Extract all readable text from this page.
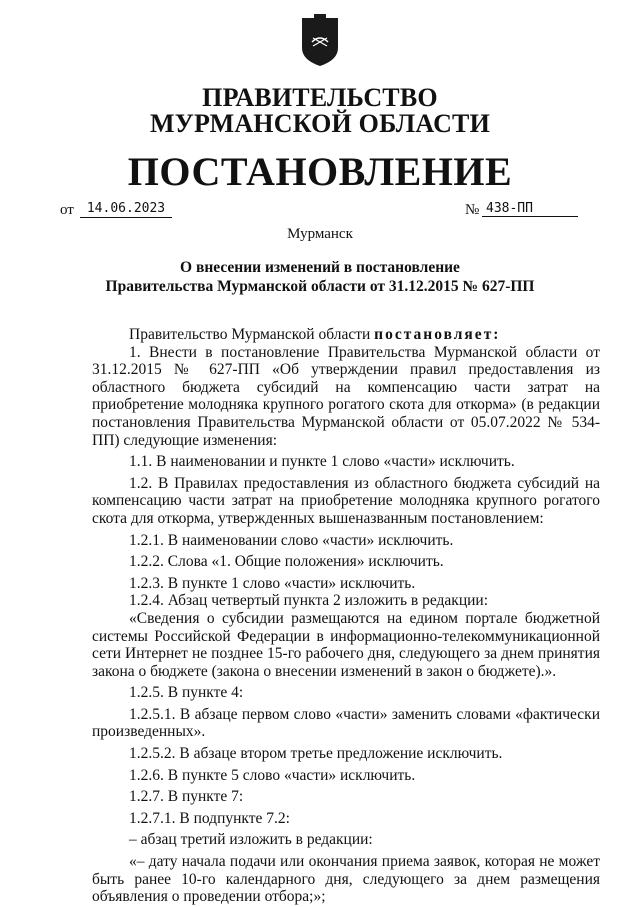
ПРАВИТЕЛЬСТВО
МУРМАНСКОЙ ОБЛАСТИ
ПОСТАНОВЛЕНИЕ
от	14.06.2023	№ 438-ПП
Мурманск
О внесении изменений в постановление
Правительства Мурманской области от 31.12.2015 № 627-ПП

Правительство Мурманской области постановляет:

1. Внести в постановление Правительства Мурманской области от 31.12.2015 № 627-ПП «Об утверждении правил предоставления из областного бюджета субсидий на компенсацию части затрат на приобретение молодняка крупного рогатого скота для откорма» (в редакции постановления Правительства Мурманской области от 05.07.2022 № 534-ПП) следующие изменения:

1.1. В наименовании и пункте 1 слово «части» исключить.

1.2. В Правилах предоставления из областного бюджета субсидий на компенсацию части затрат на приобретение молодняка крупного рогатого скота для откорма, утвержденных вышеназванным постановлением:

1.2.1. В наименовании слово «части» исключить.

1.2.2. Слова «1. Общие положения» исключить.

1.2.3. В пункте 1 слово «части» исключить.

1.2.4. Абзац четвертый пункта 2 изложить в редакции:

«Сведения о субсидии размещаются на едином портале бюджетной системы Российской Федерации в информационно-телекоммуникационной сети Интернет не позднее 15-го рабочего дня, следующего за днем принятия закона о бюджете (закона о внесении изменений в закон о бюджете).».

1.2.5. В пункте 4:

1.2.5.1. В абзаце первом слово «части» заменить словами «фактически произведенных».

1.2.5.2. В абзаце втором третье предложение исключить.

1.2.6. В пункте 5 слово «части» исключить.

1.2.7. В пункте 7:

1.2.7.1. В подпункте 7.2:

– абзац третий изложить в редакции:

«– дату начала подачи или окончания приема заявок, которая не может быть ранее 10-го календарного дня, следующего за днем размещения объявления о проведении отбора;»;
